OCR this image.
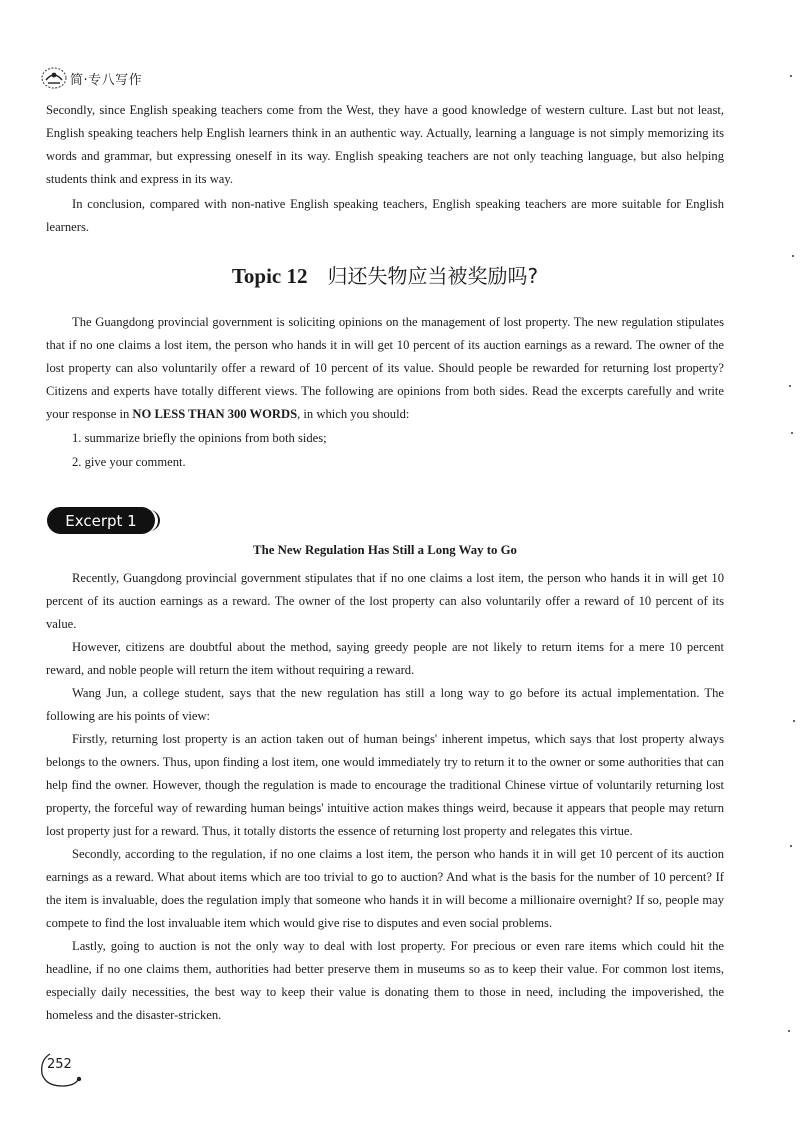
简·专八写作

Secondly, since English speaking teachers come from the West, they have a good knowledge of western culture. Last but not least, English speaking teachers help English learners think in an authentic way. Actually, learning a language is not simply memorizing its words and grammar, but expressing oneself in its way. English speaking teachers are not only teaching language, but also helping students think and express in its way.

In conclusion, compared with non-native English speaking teachers, English speaking teachers are more suitable for English learners.

Topic 12 归还失物应当被奖励吗?

The Guangdong provincial government is soliciting opinions on the management of lost property. The new regulation stipulates that if no one claims a lost item, the person who hands it in will get 10 percent of its auction earnings as a reward. The owner of the lost property can also voluntarily offer a reward of 10 percent of its value. Should people be rewarded for returning lost property? Citizens and experts have totally different views. The following are opinions from both sides. Read the excerpts carefully and write your response in NO LESS THAN 300 WORDS, in which you should:

1. summarize briefly the opinions from both sides;

2. give your comment.

Excerpt 1
The New Regulation Has Still a Long Way to Go

Recently, Guangdong provincial government stipulates that if no one claims a lost item, the person who hands it in will get 10 percent of its auction earnings as a reward. The owner of the lost property can also voluntarily offer a reward of 10 percent of its value.

However, citizens are doubtful about the method, saying greedy people are not likely to return items for a mere 10 percent reward, and noble people will return the item without requiring a reward.

Wang Jun, a college student, says that the new regulation has still a long way to go before its actual implementation. The following are his points of view:

Firstly, returning lost property is an action taken out of human beings' inherent impetus, which says that lost property always belongs to the owners. Thus, upon finding a lost item, one would immediately try to return it to the owner or some authorities that can help find the owner. However, though the regulation is made to encourage the traditional Chinese virtue of voluntarily returning lost property, the forceful way of rewarding human beings' intuitive action makes things weird, because it appears that people may return lost property just for a reward. Thus, it totally distorts the essence of returning lost property and relegates this virtue.

Secondly, according to the regulation, if no one claims a lost item, the person who hands it in will get 10 percent of its auction earnings as a reward. What about items which are too trivial to go to auction? And what is the basis for the number of 10 percent? If the item is invaluable, does the regulation imply that someone who hands it in will become a millionaire overnight? If so, people may compete to find the lost invaluable item which would give rise to disputes and even social problems.

Lastly, going to auction is not the only way to deal with lost property. For precious or even rare items which could hit the headline, if no one claims them, authorities had better preserve them in museums so as to keep their value. For common lost items, especially daily necessities, the best way to keep their value is donating them to those in need, including the impoverished, the homeless and the disaster-stricken.

252
